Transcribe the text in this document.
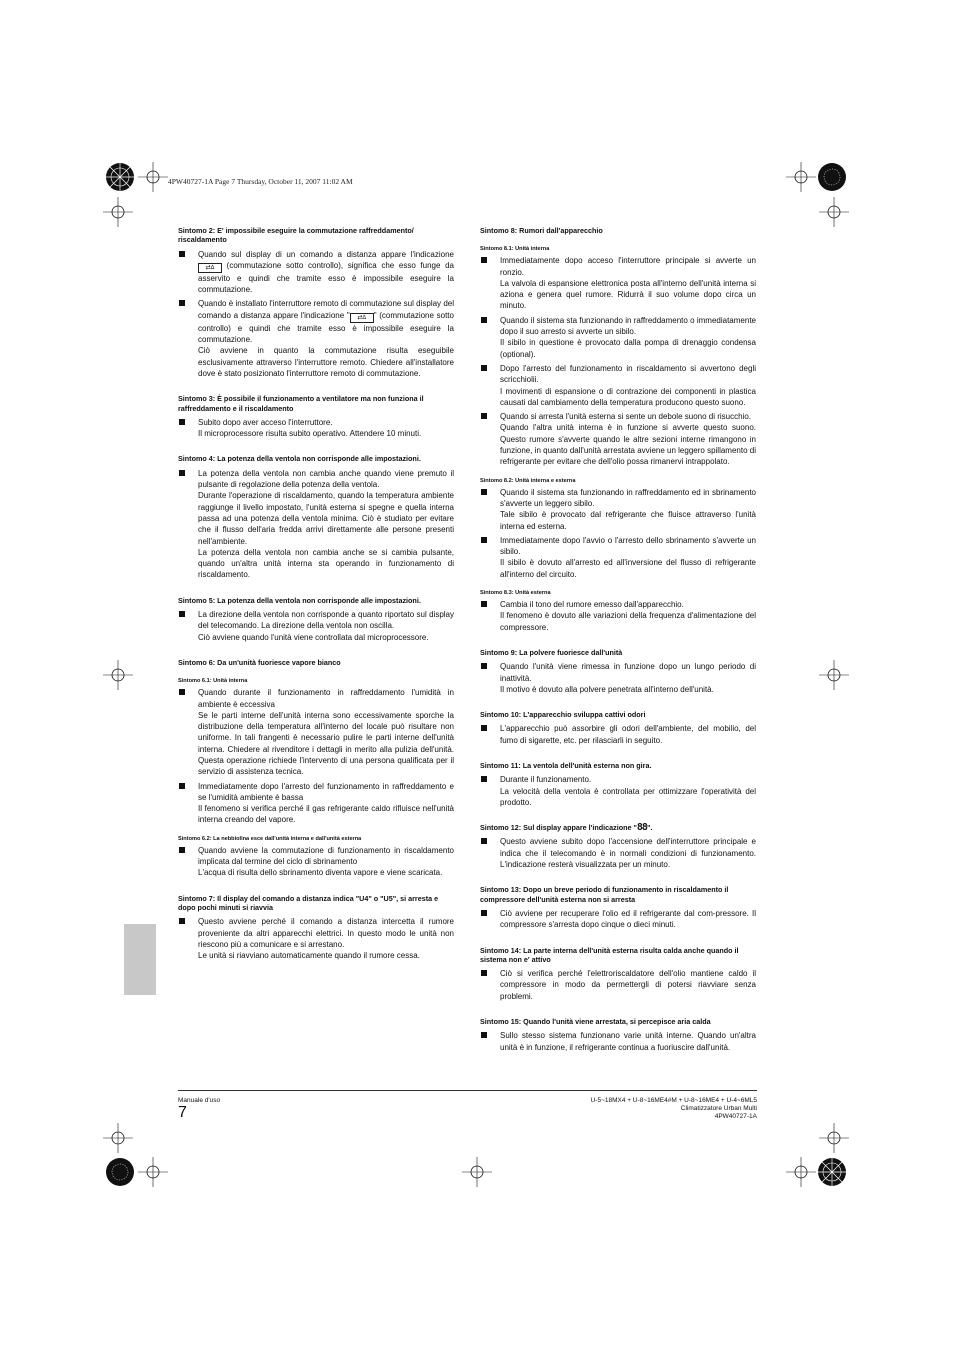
4PW40727-1A Page 7 Thursday, October 11, 2007 11:02 AM
Sintomo 2: E' impossibile eseguire la commutazione raffreddamento/ riscaldamento

Quando sul display di un comando a distanza appare l'indicazione ⇄∆ (commutazione sotto controllo), significa che esso funge da asservito e quindi che tramite esso è impossibile eseguire la commutazione.

Quando è installato l'interruttore remoto di commutazione sul display del comando a distanza appare l'indicazione " ⇄∆ " (commutazione sotto controllo) e quindi che tramite esso è impossibile eseguire la commutazione.

Ciò avviene in quanto la commutazione risulta eseguibile esclusivamente attraverso l'interruttore remoto. Chiedere all'installatore dove è stato posizionato l'interruttore remoto di commutazione.

Sintomo 3: È possibile il funzionamento a ventilatore ma non funziona il raffreddamento e il riscaldamento

Subito dopo aver acceso l'interruttore.

Il microprocessore risulta subito operativo. Attendere 10 minuti.

Sintomo 4: La potenza della ventola non corrisponde alle impostazioni.

La potenza della ventola non cambia anche quando viene premuto il pulsante di regolazione della potenza della ventola.

Durante l'operazione di riscaldamento, quando la temperatura ambiente raggiunge il livello impostato, l'unità esterna si spegne e quella interna passa ad una potenza della ventola minima. Ciò è studiato per evitare che il flusso dell'aria fredda arrivi direttamente alle persone presenti nell'ambiente.

La potenza della ventola non cambia anche se si cambia pulsante, quando un'altra unità interna sta operando in funzionamento di riscaldamento.

Sintomo 5: La potenza della ventola non corrisponde alle impostazioni.

La direzione della ventola non corrisponde a quanto riportato sul display del telecomando. La direzione della ventola non oscilla.

Ciò avviene quando l'unità viene controllata dal microprocessore.

Sintomo 6: Da un'unità fuoriesce vapore bianco
Sintomo 6.1: Unità interna

Quando durante il funzionamento in raffreddamento l'umidità in ambiente è eccessiva

Se le parti interne dell'unità interna sono eccessivamente sporche la distribuzione della temperatura all'interno del locale può risultare non uniforme. In tali frangenti è necessario pulire le parti interne dell'unità interna. Chiedere al rivenditore i dettagli in merito alla pulizia dell'unità. Questa operazione richiede l'intervento di una persona qualificata per il servizio di assistenza tecnica.

Immediatamente dopo l'arresto del funzionamento in raffreddamento e se l'umidità ambiente è bassa

Il fenomeno si verifica perché il gas refrigerante caldo rifluisce nell'unità interna creando del vapore.

Sintomo 6.2: La nebbiolina esce dall'unità interna e dall'unità esterna

Quando avviene la commutazione di funzionamento in riscaldamento implicata dal termine del ciclo di sbrinamento

L'acqua di risulta dello sbrinamento diventa vapore e viene scaricata.

Sintomo 7: Il display del comando a distanza indica "U4" o "U5", si arresta e dopo pochi minuti si riavvia

Questo avviene perché il comando a distanza intercetta il rumore proveniente da altri apparecchi elettrici. In questo modo le unità non riescono più a comunicare e si arrestano.

Le unità si riavviano automaticamente quando il rumore cessa.

Sintomo 8: Rumori dall'apparecchio
Sintomo 8.1: Unità interna

Immediatamente dopo acceso l'interruttore principale si avverte un ronzio.

La valvola di espansione elettronica posta all'interno dell'unità interna si aziona e genera quel rumore. Ridurrà il suo volume dopo circa un minuto.

Quando il sistema sta funzionando in raffreddamento o immediatamente dopo il suo arresto si avverte un sibilo.

Il sibilo in questione è provocato dalla pompa di drenaggio condensa (optional).

Dopo l'arresto del funzionamento in riscaldamento si avvertono degli scricchiolii.

I movimenti di espansione o di contrazione dei componenti in plastica causati dal cambiamento della temperatura producono questo suono.

Quando si arresta l'unità esterna si sente un debole suono di risucchio.

Quando l'altra unità interna è in funzione si avverte questo suono. Questo rumore s'avverte quando le altre sezioni interne rimangono in funzione, in quanto dall'unità arrestata avviene un leggero spillamento di refrigerante per evitare che dell'olio possa rimanervi intrappolato.

Sintomo 8.2: Unità interna e esterna

Quando il sistema sta funzionando in raffreddamento ed in sbrinamento s'avverte un leggero sibilo.

Tale sibilo è provocato dal refrigerante che fluisce attraverso l'unità interna ed esterna.

Immediatamente dopo l'avvio o l'arresto dello sbrinamento s'avverte un sibilo.

Il sibilo è dovuto all'arresto ed all'inversione del flusso di refrigerante all'interno del circuito.

Sintomo 8.3: Unità esterna

Cambia il tono del rumore emesso dall'apparecchio.

Il fenomeno è dovuto alle variazioni della frequenza d'alimentazione del compressore.

Sintomo 9: La polvere fuoriesce dall'unità

Quando l'unità viene rimessa in funzione dopo un lungo periodo di inattività.

Il motivo è dovuto alla polvere penetrata all'interno dell'unità.

Sintomo 10: L'apparecchio sviluppa cattivi odori

L'apparecchio può assorbire gli odori dell'ambiente, del mobilio, del fumo di sigarette, etc. per rilasciarli in seguito.

Sintomo 11: La ventola dell'unità esterna non gira.

Durante il funzionamento.

La velocità della ventola è controllata per ottimizzare l'operatività del prodotto.

Sintomo 12: Sul display appare l'indicazione "88".

Questo avviene subito dopo l'accensione dell'interruttore principale e indica che il telecomando è in normali condizioni di funzionamento. L'indicazione resterà visualizzata per un minuto.

Sintomo 13: Dopo un breve periodo di funzionamento in riscaldamento il compressore dell'unità esterna non si arresta

Ciò avviene per recuperare l'olio ed il refrigerante dal com-pressore. Il compressore s'arresta dopo cinque o dieci minuti.

Sintomo 14: La parte interna dell'unità esterna risulta calda anche quando il sistema non e' attivo

Ciò si verifica perché l'elettroriscaldatore dell'olio mantiene caldo il compressore in modo da permettergli di potersi riavviare senza problemi.

Sintomo 15: Quando l'unità viene arrestata, si percepisce aria calda

Sullo stesso sistema funzionano varie unità interne. Quando un'altra unità è in funzione, il refrigerante continua a fuoriuscire dall'unità.

Manuale d'uso
7
U-5~18MX4 + U-8~16ME4#M + U-8~16ME4 + U-4~6ML5
Climatizzatore Urban Multi
4PW40727-1A
